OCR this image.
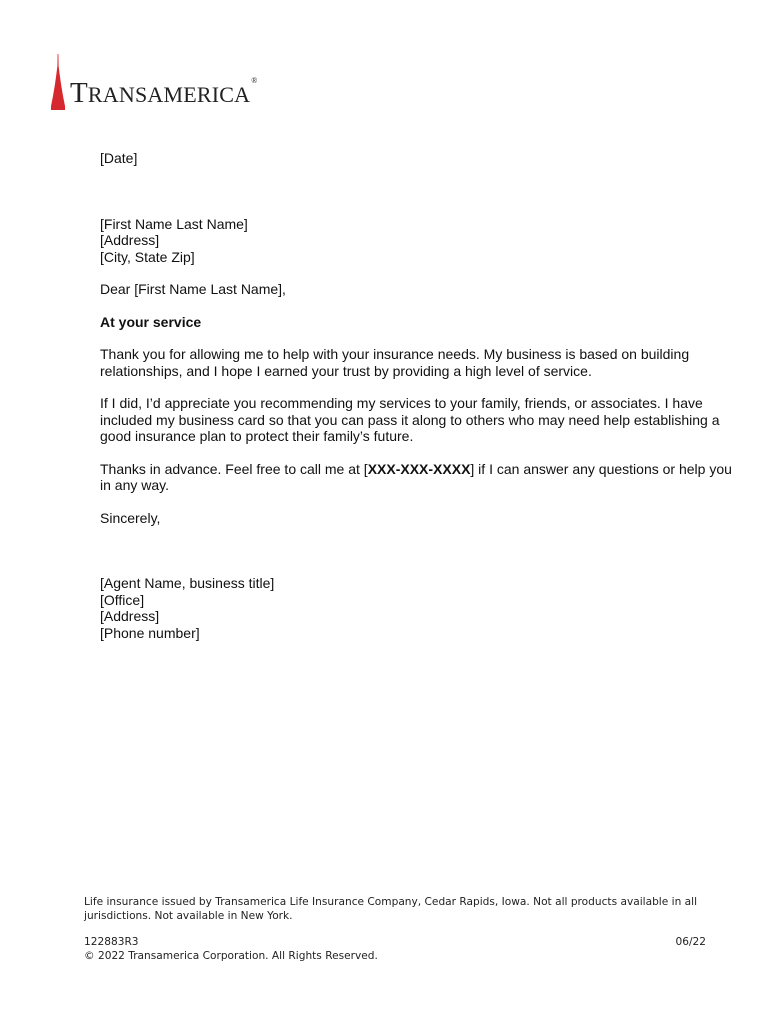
TRANSAMERICA®

[Date]

[First Name Last Name]

[Address]

[City, State Zip]

Dear [First Name Last Name],

At your service

Thank you for allowing me to help with your insurance needs. My business is based on building relationships, and I hope I earned your trust by providing a high level of service.

If I did, I’d appreciate you recommending my services to your family, friends, or associates. I have included my business card so that you can pass it along to others who may need help establishing a good insurance plan to protect their family’s future.

Thanks in advance. Feel free to call me at [XXX-XXX-XXXX] if I can answer any questions or help you in any way.

Sincerely,

[Agent Name, business title]

[Office]

[Address]

[Phone number]

Life insurance issued by Transamerica Life Insurance Company, Cedar Rapids, Iowa. Not all products available in all jurisdictions. Not available in New York.

122883R3	06/22

© 2022 Transamerica Corporation. All Rights Reserved.
